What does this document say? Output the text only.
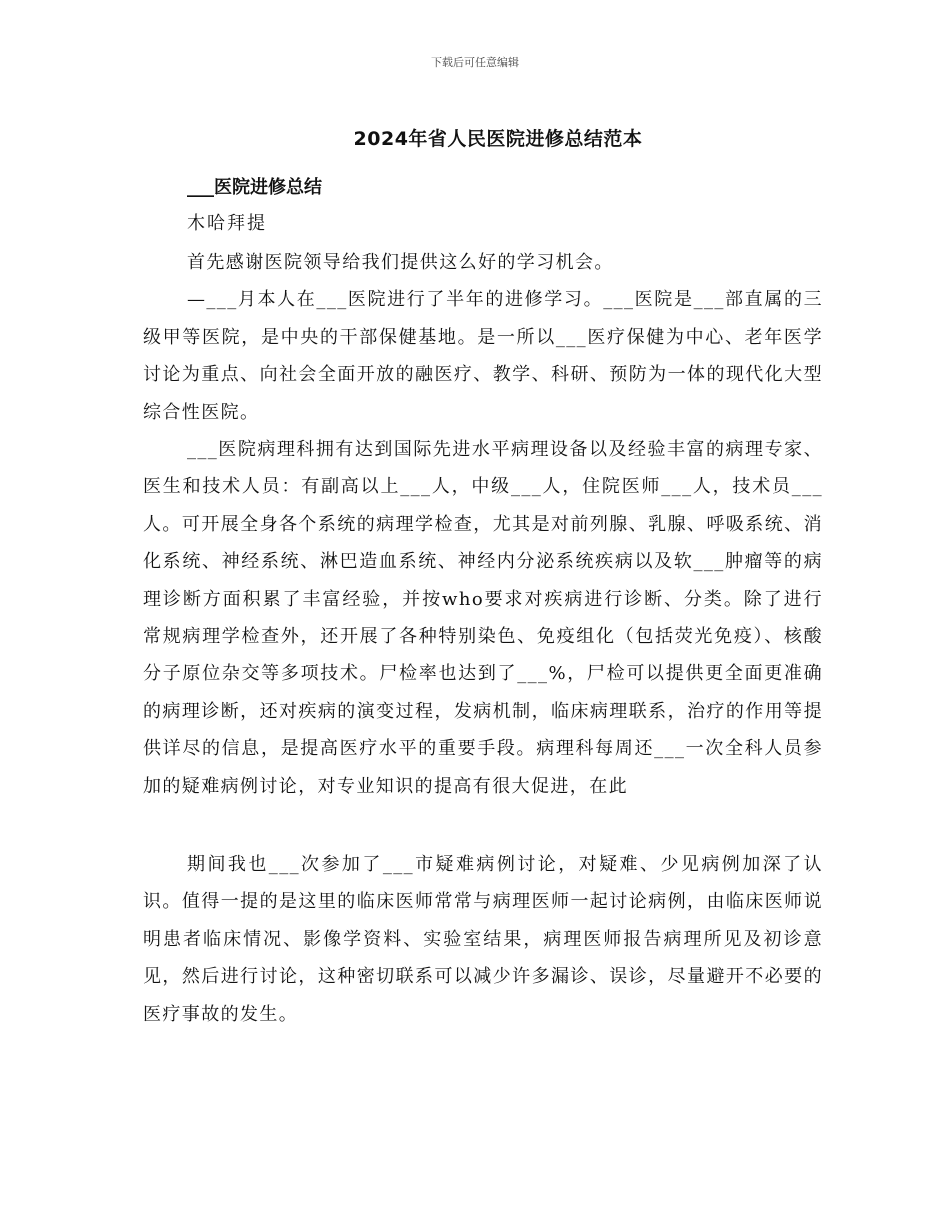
下载后可任意编辑
2024年省人民医院进修总结范本
___医院进修总结
木哈拜提

首先感谢医院领导给我们提供这么好的学习机会。

—___月本人在___医院进行了半年的进修学习。___医院是___部直属的三级甲等医院，是中央的干部保健基地。是一所以___医疗保健为中心、老年医学讨论为重点、向社会全面开放的融医疗、教学、科研、预防为一体的现代化大型综合性医院。

___医院病理科拥有达到国际先进水平病理设备以及经验丰富的病理专家、医生和技术人员：有副高以上___人，中级___人，住院医师___人，技术员___人。可开展全身各个系统的病理学检查，尤其是对前列腺、乳腺、呼吸系统、消化系统、神经系统、淋巴造血系统、神经内分泌系统疾病以及软___肿瘤等的病理诊断方面积累了丰富经验，并按who要求对疾病进行诊断、分类。除了进行常规病理学检查外，还开展了各种特别染色、免疫组化（包括荧光免疫）、核酸分子原位杂交等多项技术。尸检率也达到了___%，尸检可以提供更全面更准确的病理诊断，还对疾病的演变过程，发病机制，临床病理联系，治疗的作用等提供详尽的信息，是提高医疗水平的重要手段。病理科每周还___一次全科人员参加的疑难病例讨论，对专业知识的提高有很大促进，在此

期间我也___次参加了___市疑难病例讨论，对疑难、少见病例加深了认识。值得一提的是这里的临床医师常常与病理医师一起讨论病例，由临床医师说明患者临床情况、影像学资料、实验室结果，病理医师报告病理所见及初诊意见，然后进行讨论，这种密切联系可以减少许多漏诊、误诊，尽量避开不必要的医疗事故的发生。
